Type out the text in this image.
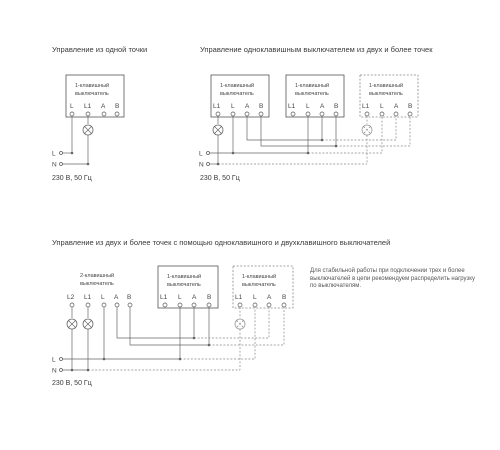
Управление из одной точки	Управление одноклавишным выключателем из двух и более точек
Управление из двух и более точек с помощью одноклавишного и двухклавишного выключателей
230 В, 50 Гц	230 В, 50 Гц
230 В, 50 Гц
Для стабильной работы при подключении трех и более выключателей в цепи рекомендуем распределить нагрузку по выключателям.
1-клавишный
выключатель
L L1 A B
L
N
1-клавишный
выключатель
L1 L A B
1-клавишный
выключатель
L1 L A B
1-клавишный
выключатель
L1 L A B
L
N
2-клавишный
выключатель
L2 L1 L A B
1-клавишный
выключатель
L1 L A B
1-клавишный
выключатель
L1 L A B
L
N
